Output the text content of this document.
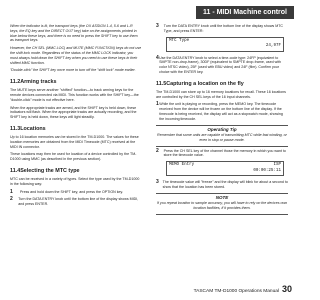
11 - MIDI Machine control

When the indicator is lit, the transport keys (the OX ASSIGN 1-4, 5-6 and L-R keys, the EQ key and the DIRECT OUT key) take on the assignments printed in blue below these keys, and there is no need to press the SHIFT key to use them as transport keys.

However, the CH SEL (MMC LOC) and MUTE (MMC FUNCTION) keys do not use the shift lock mode. Regardless of the status of the MMC LOCK indicator, you must always hold down the SHIFT key when you need to use these keys in their shifted MMC function.

"Double-click" the SHIFT key once more to turn off the "shift lock" mode earlier.

11.2Arming tracks

The MUTE keys serve another "shifted" function—to track arming keys for the remote devices connected via MIDI. This function works with the SHIFT key—the "double-click" mode is not effective here.

When the appropriate tracks are armed, and the SHIFT key is held down, these indicators will flash. When the appropriate tracks are actually recording, and the SHIFT key is held down, these keys will light steadily.

11.3Locations

Up to 16 location memories can be stored in the TM-D1000. The values for these location memories are obtained from the MIDI Timecode (MTC) received at the MIDI IN connector.

These locations may then be used for location of a device controlled by the TM-D1000 using MMC (as described in the previous section).

11.4Selecting the MTC type

MTC can be received in a variety of types. Select the type used by the TM-D1000 in the following way:

1	Press and hold down the SHIFT key, and press the OPTION key.
2	Turn the DATA ENTRY knob until the bottom line of the display shows MIDI, and press ENTER.
3	Turn the DATA ENTRY knob until the bottom line of the display shows MTC Type, and press ENTER:
MTC Type
24,97F
4 Use the DATA ENTRY knob to select a time-code type: 24FP (equivalent to SMPTE non-drop-frame), 30DF (equivalent to SMPTE drop-frame, used with color NTSC video), 25F (used with EBU video) and 24F (film). Confirm your choice with the ENTER key.
11.5Capturing a location on the fly

The TM-D1000 can store up to 16 memory locations for recall. These 16 locations are controlled by the CH SEL keys of the 16 input channels.

1 While the unit is playing or recording, press the MEMO key. The timecode received from the device will be frozen on the bottom line of the display. If the timecode is being received, the display will act as a stopwatch mode, showing the incoming timecode.
Operating Tip

Remember that some units are capable of transmitting MTC while fast winding, or even in stop or pause mode.

2	Press the CH SEL key of the channel those the memory in which you want to store the timecode value.
MEMO Entry	ISP
00:00:25:11
3	The timecode value will "freeze" and the display will blink for about a second to show that the location has been stored.
NOTE

If you repeat location to sample accuracy, you will have to rely on the devices own location facilities, if it provides them.

TASCAM TM-D1000 Operations Manual 30
